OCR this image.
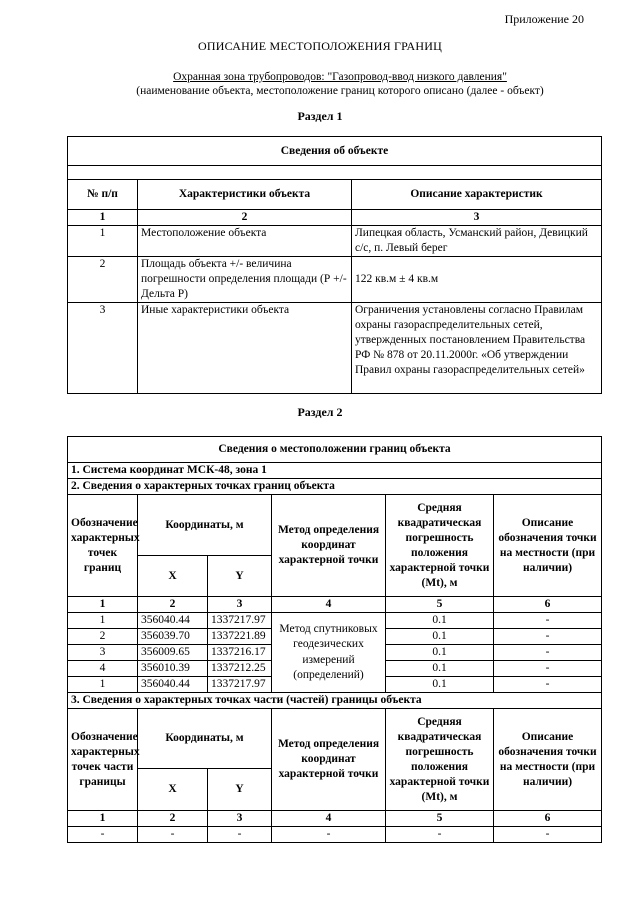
Приложение 20
ОПИСАНИЕ МЕСТОПОЛОЖЕНИЯ ГРАНИЦ
Охранная зона трубопроводов: "Газопровод-ввод низкого давления"
(наименование объекта, местоположение границ которого описано (далее - объект)
Раздел 1
Сведения об объекте		

№ п/п	Характеристики объекта	Описание характеристик
1	2	3
1	Местоположение объекта	Липецкая область, Усманский район, Девицкий с/с, п. Левый берег
2	Площадь объекта +/- величина погрешности определения площади (Р +/- Дельта Р)	122 кв.м ± 4 кв.м
3	Иные характеристики объекта	Ограничения установлены согласно Правилам охраны газораспределительных сетей, утвержденных постановлением Правительства РФ № 878 от 20.11.2000г. «Об утверждении Правил охраны газораспределительных сетей»
Раздел 2
Сведения о местоположении границ объекта					
1. Система координат МСК-48, зона 1					
2. Сведения о характерных точках границ объекта					
Обозначение характерных точек границ	Координаты, м		Метод определения координат характерной точки	Средняя квадратическая погрешность положения характерной точки (Mt), м	Описание обозначения точки на местности (при наличии)
	X	Y			
1	2	3	4	5	6
1	356040.44	1337217.97	Метод спутниковых геодезических измерений (определений)	0.1	-
2	356039.70	1337221.89		0.1	-
3	356009.65	1337216.17		0.1	-
4	356010.39	1337212.25		0.1	-
1	356040.44	1337217.97		0.1	-
3. Сведения о характерных точках части (частей) границы объекта					
Обозначение характерных точек части границы	Координаты, м		Метод определения координат характерной точки	Средняя квадратическая погрешность положения характерной точки (Mt), м	Описание обозначения точки на местности (при наличии)
	X	Y			
1	2	3	4	5	6
-	-	-	-	-	-
